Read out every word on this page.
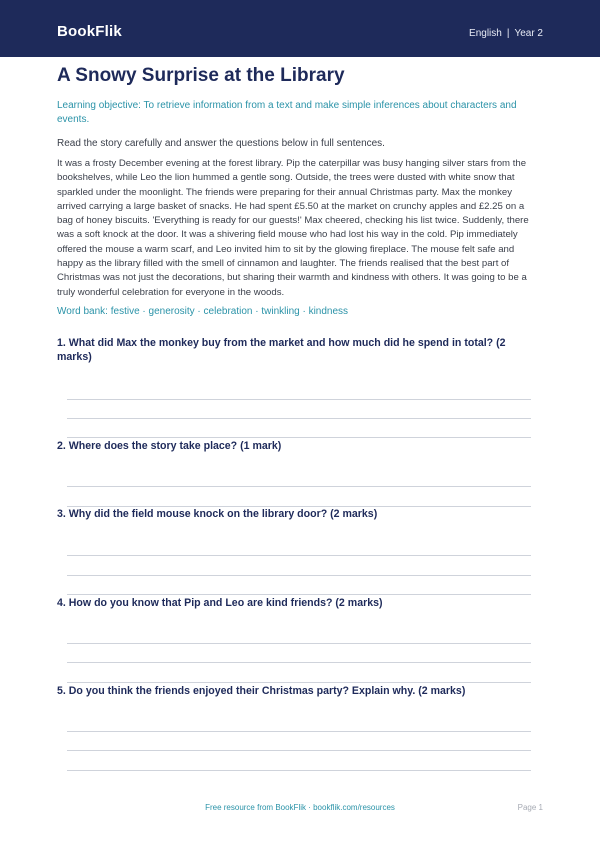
BookFlik	English | Year 2
A Snowy Surprise at the Library
Learning objective: To retrieve information from a text and make simple inferences about characters and events.
Read the story carefully and answer the questions below in full sentences.
It was a frosty December evening at the forest library. Pip the caterpillar was busy hanging silver stars from the bookshelves, while Leo the lion hummed a gentle song. Outside, the trees were dusted with white snow that sparkled under the moonlight. The friends were preparing for their annual Christmas party. Max the monkey arrived carrying a large basket of snacks. He had spent £5.50 at the market on crunchy apples and £2.25 on a bag of honey biscuits. 'Everything is ready for our guests!' Max cheered, checking his list twice. Suddenly, there was a soft knock at the door. It was a shivering field mouse who had lost his way in the cold. Pip immediately offered the mouse a warm scarf, and Leo invited him to sit by the glowing fireplace. The mouse felt safe and happy as the library filled with the smell of cinnamon and laughter. The friends realised that the best part of Christmas was not just the decorations, but sharing their warmth and kindness with others. It was going to be a truly wonderful celebration for everyone in the woods.
Word bank: festive · generosity · celebration · twinkling · kindness
1. What did Max the monkey buy from the market and how much did he spend in total? (2 marks)
2. Where does the story take place? (1 mark)
3. Why did the field mouse knock on the library door? (2 marks)
4. How do you know that Pip and Leo are kind friends? (2 marks)
5. Do you think the friends enjoyed their Christmas party? Explain why. (2 marks)
Free resource from BookFlik · bookflik.com/resources	Page 1
